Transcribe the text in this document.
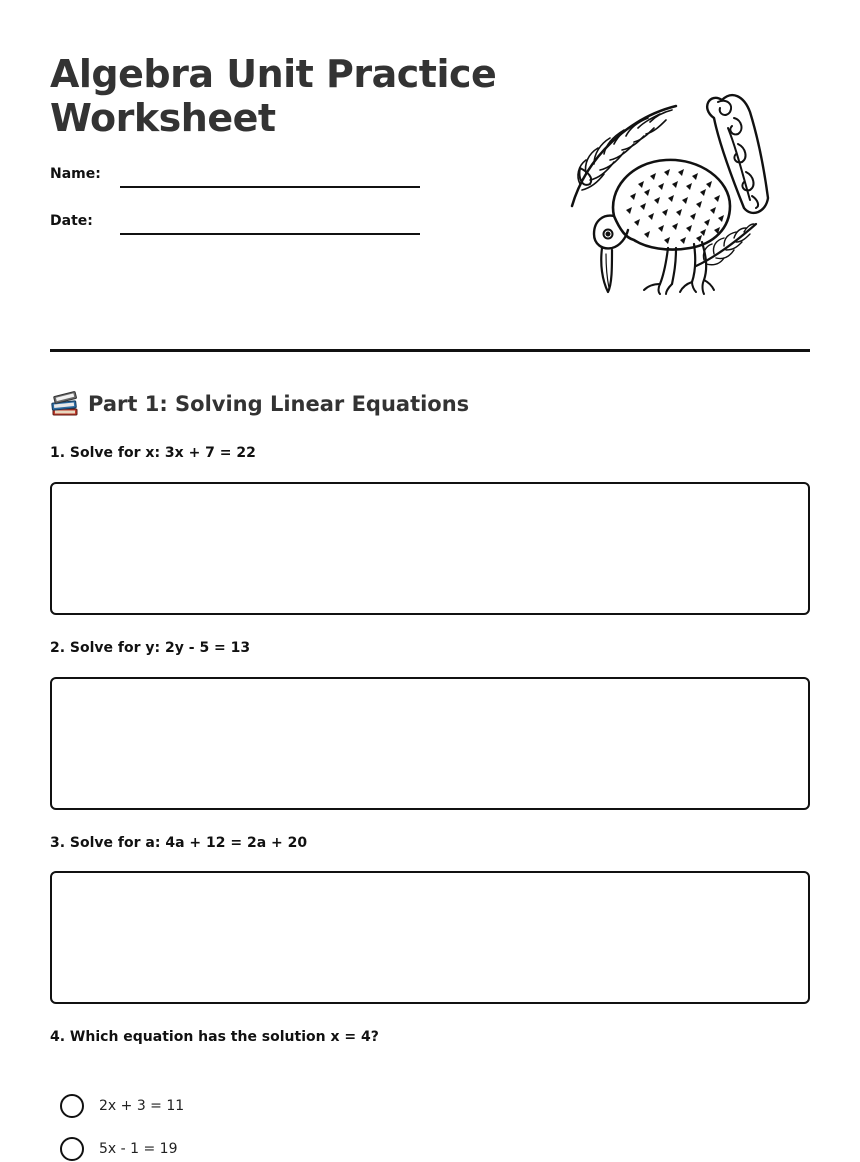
Algebra Unit Practice
Worksheet
Name:
Date:
Part 1: Solving Linear Equations

1. Solve for x: 3x + 7 = 22

2. Solve for y: 2y - 5 = 13

3. Solve for a: 4a + 12 = 2a + 20

4. Which equation has the solution x = 4?

2x + 3 = 11
5x - 1 = 19
